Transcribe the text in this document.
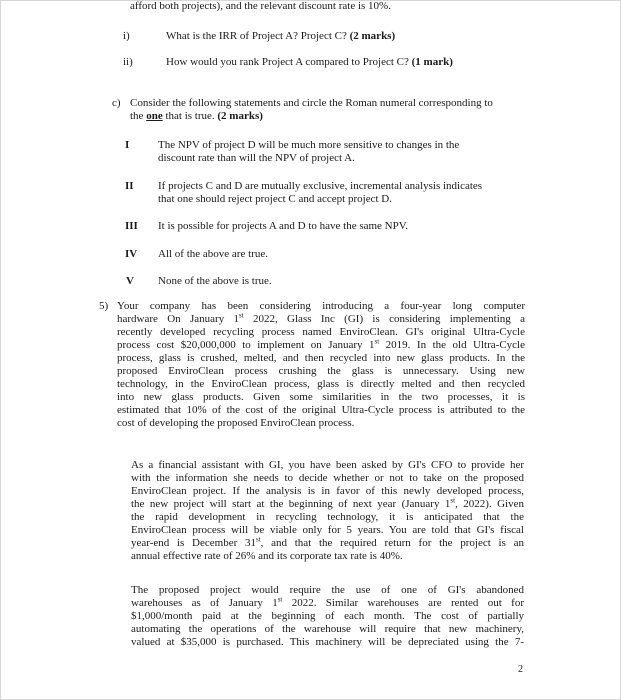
afford both projects), and the relevant discount rate is 10%.
i)	What is the IRR of Project A? Project C? (2 marks)
ii)	How would you rank Project A compared to Project C? (1 mark)
c) Consider the following statements and circle the Roman numeral corresponding to
the one that is true. (2 marks)
I	The NPV of project D will be much more sensitive to changes in the
discount rate than will the NPV of project A.
II If projects C and D are mutually exclusive, incremental analysis indicates
that one should reject project C and accept project D.
III It is possible for projects A and D to have the same NPV.
IV All of the above are true.
V None of the above is true.
5) Your company has been considering introducing a four-year long computer
hardware On January 1st 2022, Glass Inc (GI) is considering implementing a
recently developed recycling process named EnviroClean. GI's original Ultra-Cycle
process cost $20,000,000 to implement on January 1st 2019. In the old Ultra-Cycle
process, glass is crushed, melted, and then recycled into new glass products. In the
proposed EnviroClean process crushing the glass is unnecessary. Using new
technology, in the EnviroClean process, glass is directly melted and then recycled
into new glass products. Given some similarities in the two processes, it is
estimated that 10% of the cost of the original Ultra-Cycle process is attributed to the
cost of developing the proposed EnviroClean process.
As a financial assistant with GI, you have been asked by GI's CFO to provide her
with the information she needs to decide whether or not to take on the proposed
EnviroClean project. If the analysis is in favor of this newly developed process,
the new project will start at the beginning of next year (January 1st, 2022). Given
the rapid development in recycling technology, it is anticipated that the
EnviroClean process will be viable only for 5 years. You are told that GI's fiscal
year-end is December 31st, and that the required return for the project is an
annual effective rate of 26% and its corporate tax rate is 40%.
The proposed project would require the use of one of GI's abandoned
warehouses as of January 1st 2022. Similar warehouses are rented out for
$1,000/month paid at the beginning of each month. The cost of partially
automating the operations of the warehouse will require that new machinery,
valued at $35,000 is purchased. This machinery will be depreciated using the 7-
2
